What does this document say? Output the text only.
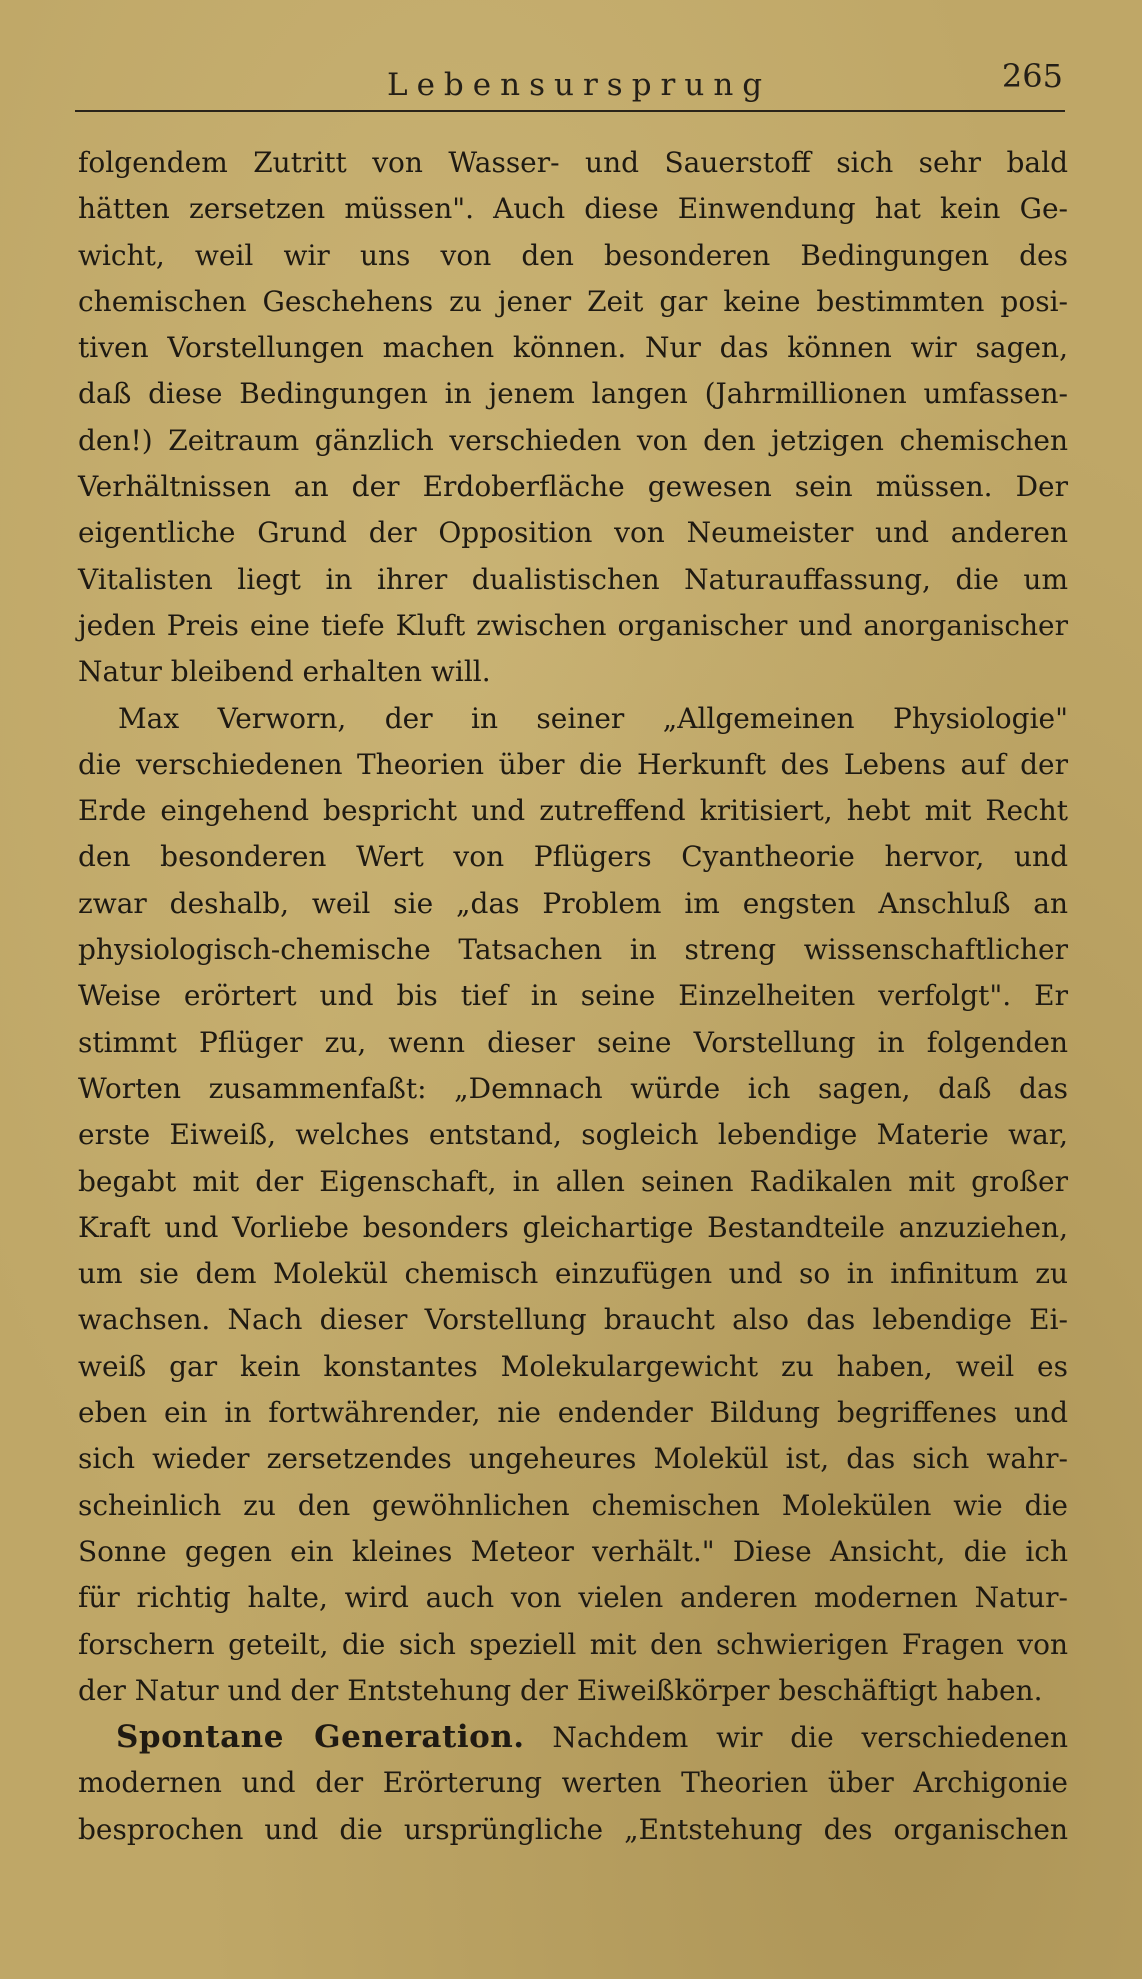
Lebensursprung	265
folgendem Zutritt von Wasser- und Sauerstoff sich sehr bald
hätten zersetzen müssen". Auch diese Einwendung hat kein Ge-
wicht, weil wir uns von den besonderen Bedingungen des
chemischen Geschehens zu jener Zeit gar keine bestimmten posi-
tiven Vorstellungen machen können. Nur das können wir sagen,
daß diese Bedingungen in jenem langen (Jahrmillionen umfassen-
den!) Zeitraum gänzlich verschieden von den jetzigen chemischen
Verhältnissen an der Erdoberfläche gewesen sein müssen. Der
eigentliche Grund der Opposition von Neumeister und anderen
Vitalisten liegt in ihrer dualistischen Naturauffassung, die um
jeden Preis eine tiefe Kluft zwischen organischer und anorganischer
Natur bleibend erhalten will.
Max Verworn, der in seiner „Allgemeinen Physiologie"
die verschiedenen Theorien über die Herkunft des Lebens auf der
Erde eingehend bespricht und zutreffend kritisiert, hebt mit Recht
den besonderen Wert von Pflügers Cyantheorie hervor, und
zwar deshalb, weil sie „das Problem im engsten Anschluß an
physiologisch-chemische Tatsachen in streng wissenschaftlicher
Weise erörtert und bis tief in seine Einzelheiten verfolgt". Er
stimmt Pflüger zu, wenn dieser seine Vorstellung in folgenden
Worten zusammenfaßt: „Demnach würde ich sagen, daß das
erste Eiweiß, welches entstand, sogleich lebendige Materie war,
begabt mit der Eigenschaft, in allen seinen Radikalen mit großer
Kraft und Vorliebe besonders gleichartige Bestandteile anzuziehen,
um sie dem Molekül chemisch einzufügen und so in infinitum zu
wachsen. Nach dieser Vorstellung braucht also das lebendige Ei-
weiß gar kein konstantes Molekulargewicht zu haben, weil es
eben ein in fortwährender, nie endender Bildung begriffenes und
sich wieder zersetzendes ungeheures Molekül ist, das sich wahr-
scheinlich zu den gewöhnlichen chemischen Molekülen wie die
Sonne gegen ein kleines Meteor verhält." Diese Ansicht, die ich
für richtig halte, wird auch von vielen anderen modernen Natur-
forschern geteilt, die sich speziell mit den schwierigen Fragen von
der Natur und der Entstehung der Eiweißkörper beschäftigt haben.
Spontane Generation. Nachdem wir die verschiedenen
modernen und der Erörterung werten Theorien über Archigonie
besprochen und die ursprüngliche „Entstehung des organischen
